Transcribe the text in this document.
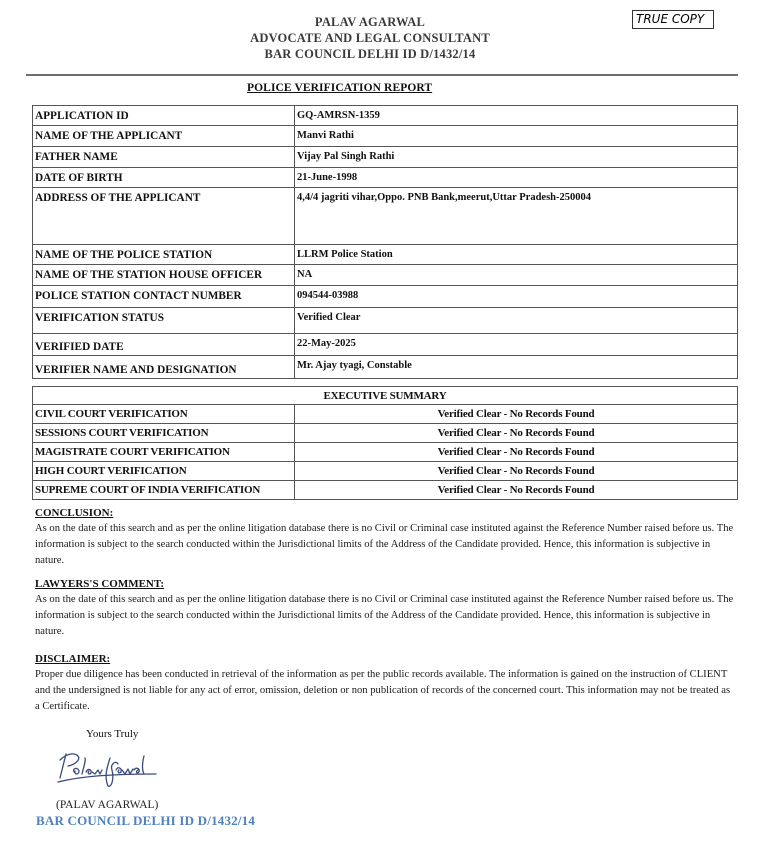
PALAV AGARWAL
ADVOCATE AND LEGAL CONSULTANT
BAR COUNCIL DELHI ID D/1432/14
TRUE COPY
POLICE VERIFICATION REPORT
APPLICATION ID	GQ-AMRSN-1359
NAME OF THE APPLICANT	Manvi Rathi
FATHER NAME	Vijay Pal Singh Rathi
DATE OF BIRTH	21-June-1998
ADDRESS OF THE APPLICANT	4,4/4 jagriti vihar,Oppo. PNB Bank,meerut,Uttar Pradesh-250004
NAME OF THE POLICE STATION	LLRM Police Station
NAME OF THE STATION HOUSE OFFICER	NA
POLICE STATION CONTACT NUMBER	094544-03988
VERIFICATION STATUS	Verified Clear
VERIFIED DATE	22-May-2025
VERIFIER NAME AND DESIGNATION	Mr. Ajay tyagi, Constable
EXECUTIVE SUMMARY	
CIVIL COURT VERIFICATION	Verified Clear - No Records Found
SESSIONS COURT VERIFICATION	Verified Clear - No Records Found
MAGISTRATE COURT VERIFICATION	Verified Clear - No Records Found
HIGH COURT VERIFICATION	Verified Clear - No Records Found
SUPREME COURT OF INDIA VERIFICATION	Verified Clear - No Records Found
CONCLUSION:
As on the date of this search and as per the online litigation database there is no Civil or Criminal case instituted against the Reference Number raised before us. The information is subject to the search conducted within the Jurisdictional limits of the Address of the Candidate provided. Hence, this information is subjective in nature.
LAWYERS'S COMMENT:
As on the date of this search and as per the online litigation database there is no Civil or Criminal case instituted against the Reference Number raised before us. The information is subject to the search conducted within the Jurisdictional limits of the Address of the Candidate provided. Hence, this information is subjective in nature.
DISCLAIMER:
Proper due diligence has been conducted in retrieval of the information as per the public records available. The information is gained on the instruction of CLIENT and the undersigned is not liable for any act of error, omission, deletion or non publication of records of the concerned court. This information may not be treated as a Certificate.
Yours Truly
(PALAV AGARWAL)
BAR COUNCIL DELHI ID D/1432/14
